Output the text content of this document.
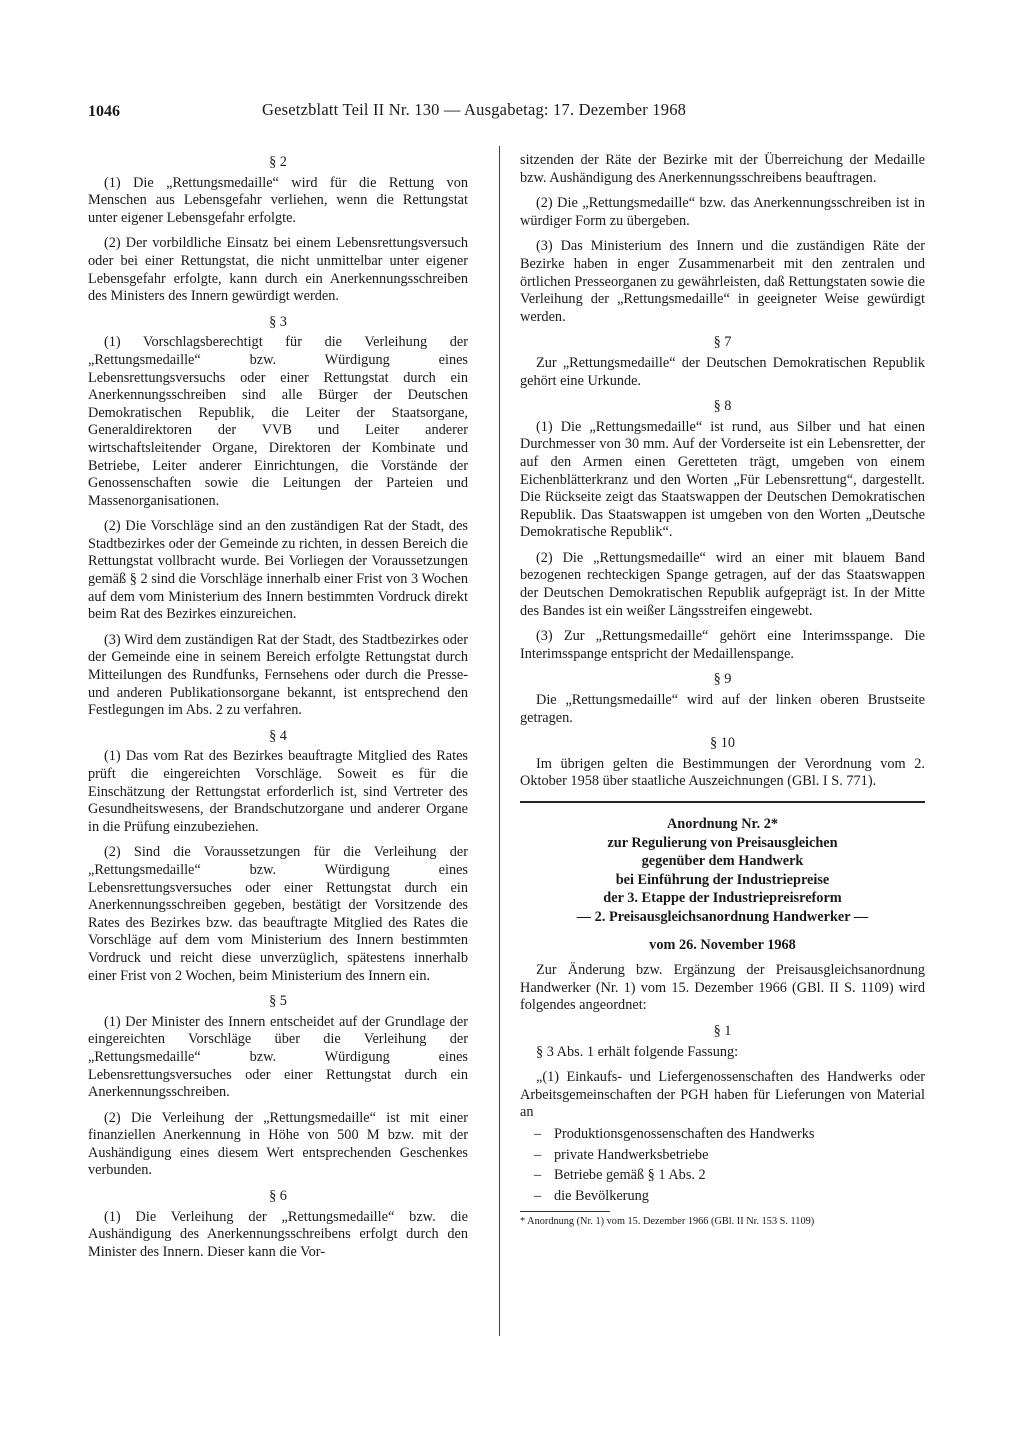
1046	Gesetzblatt Teil II Nr. 130 — Ausgabetag: 17. Dezember 1968
§ 2

(1) Die „Rettungsmedaille“ wird für die Rettung von Menschen aus Lebensgefahr verliehen, wenn die Rettungstat unter eigener Lebensgefahr erfolgte.

(2) Der vorbildliche Einsatz bei einem Lebensrettungsversuch oder bei einer Rettungstat, die nicht unmittelbar unter eigener Lebensgefahr erfolgte, kann durch ein Anerkennungsschreiben des Ministers des Innern gewürdigt werden.

§ 3

(1) Vorschlagsberechtigt für die Verleihung der „Rettungsmedaille“ bzw. Würdigung eines Lebensrettungsversuchs oder einer Rettungstat durch ein Anerkennungsschreiben sind alle Bürger der Deutschen Demokratischen Republik, die Leiter der Staatsorgane, Generaldirektoren der VVB und Leiter anderer wirtschaftsleitender Organe, Direktoren der Kombinate und Betriebe, Leiter anderer Einrichtungen, die Vorstände der Genossenschaften sowie die Leitungen der Parteien und Massenorganisationen.

(2) Die Vorschläge sind an den zuständigen Rat der Stadt, des Stadtbezirkes oder der Gemeinde zu richten, in dessen Bereich die Rettungstat vollbracht wurde. Bei Vorliegen der Voraussetzungen gemäß § 2 sind die Vorschläge innerhalb einer Frist von 3 Wochen auf dem vom Ministerium des Innern bestimmten Vordruck direkt beim Rat des Bezirkes einzureichen.

(3) Wird dem zuständigen Rat der Stadt, des Stadtbezirkes oder der Gemeinde eine in seinem Bereich erfolgte Rettungstat durch Mitteilungen des Rundfunks, Fernsehens oder durch die Presse- und anderen Publikationsorgane bekannt, ist entsprechend den Festlegungen im Abs. 2 zu verfahren.

§ 4

(1) Das vom Rat des Bezirkes beauftragte Mitglied des Rates prüft die eingereichten Vorschläge. Soweit es für die Einschätzung der Rettungstat erforderlich ist, sind Vertreter des Gesundheitswesens, der Brandschutzorgane und anderer Organe in die Prüfung einzubeziehen.

(2) Sind die Voraussetzungen für die Verleihung der „Rettungsmedaille“ bzw. Würdigung eines Lebensrettungsversuches oder einer Rettungstat durch ein Anerkennungsschreiben gegeben, bestätigt der Vorsitzende des Rates des Bezirkes bzw. das beauftragte Mitglied des Rates die Vorschläge auf dem vom Ministerium des Innern bestimmten Vordruck und reicht diese unverzüglich, spätestens innerhalb einer Frist von 2 Wochen, beim Ministerium des Innern ein.

§ 5

(1) Der Minister des Innern entscheidet auf der Grundlage der eingereichten Vorschläge über die Verleihung der „Rettungsmedaille“ bzw. Würdigung eines Lebensrettungsversuches oder einer Rettungstat durch ein Anerkennungsschreiben.

(2) Die Verleihung der „Rettungsmedaille“ ist mit einer finanziellen Anerkennung in Höhe von 500 M bzw. mit der Aushändigung eines diesem Wert entsprechenden Geschenkes verbunden.

§ 6

(1) Die Verleihung der „Rettungsmedaille“ bzw. die Aushändigung des Anerkennungsschreibens erfolgt durch den Minister des Innern. Dieser kann die Vor-

sitzenden der Räte der Bezirke mit der Überreichung der Medaille bzw. Aushändigung des Anerkennungsschreibens beauftragen.

(2) Die „Rettungsmedaille“ bzw. das Anerkennungsschreiben ist in würdiger Form zu übergeben.

(3) Das Ministerium des Innern und die zuständigen Räte der Bezirke haben in enger Zusammenarbeit mit den zentralen und örtlichen Presseorganen zu gewährleisten, daß Rettungstaten sowie die Verleihung der „Rettungsmedaille“ in geeigneter Weise gewürdigt werden.

§ 7

Zur „Rettungsmedaille“ der Deutschen Demokratischen Republik gehört eine Urkunde.

§ 8

(1) Die „Rettungsmedaille“ ist rund, aus Silber und hat einen Durchmesser von 30 mm. Auf der Vorderseite ist ein Lebensretter, der auf den Armen einen Geretteten trägt, umgeben von einem Eichenblätterkranz und den Worten „Für Lebensrettung“, dargestellt. Die Rückseite zeigt das Staatswappen der Deutschen Demokratischen Republik. Das Staatswappen ist umgeben von den Worten „Deutsche Demokratische Republik“.

(2) Die „Rettungsmedaille“ wird an einer mit blauem Band bezogenen rechteckigen Spange getragen, auf der das Staatswappen der Deutschen Demokratischen Republik aufgeprägt ist. In der Mitte des Bandes ist ein weißer Längsstreifen eingewebt.

(3) Zur „Rettungsmedaille“ gehört eine Interimsspange. Die Interimsspange entspricht der Medaillenspange.

§ 9

Die „Rettungsmedaille“ wird auf der linken oberen Brustseite getragen.

§ 10

Im übrigen gelten die Bestimmungen der Verordnung vom 2. Oktober 1958 über staatliche Auszeichnungen (GBl. I S. 771).

Anordnung Nr. 2*

zur Regulierung von Preisausgleichen

gegenüber dem Handwerk

bei Einführung der Industriepreise

der 3. Etappe der Industriepreisreform

— 2. Preisausgleichsanordnung Handwerker —

vom 26. November 1968

Zur Änderung bzw. Ergänzung der Preisausgleichsanordnung Handwerker (Nr. 1) vom 15. Dezember 1966 (GBl. II S. 1109) wird folgendes angeordnet:

§ 1

§ 3 Abs. 1 erhält folgende Fassung:

„(1) Einkaufs- und Liefergenossenschaften des Handwerks oder Arbeitsgemeinschaften der PGH haben für Lieferungen von Material an

– Produktionsgenossenschaften des Handwerks
– private Handwerksbetriebe
– Betriebe gemäß § 1 Abs. 2
– die Bevölkerung

* Anordnung (Nr. 1) vom 15. Dezember 1966 (GBl. II Nr. 153 S. 1109)
